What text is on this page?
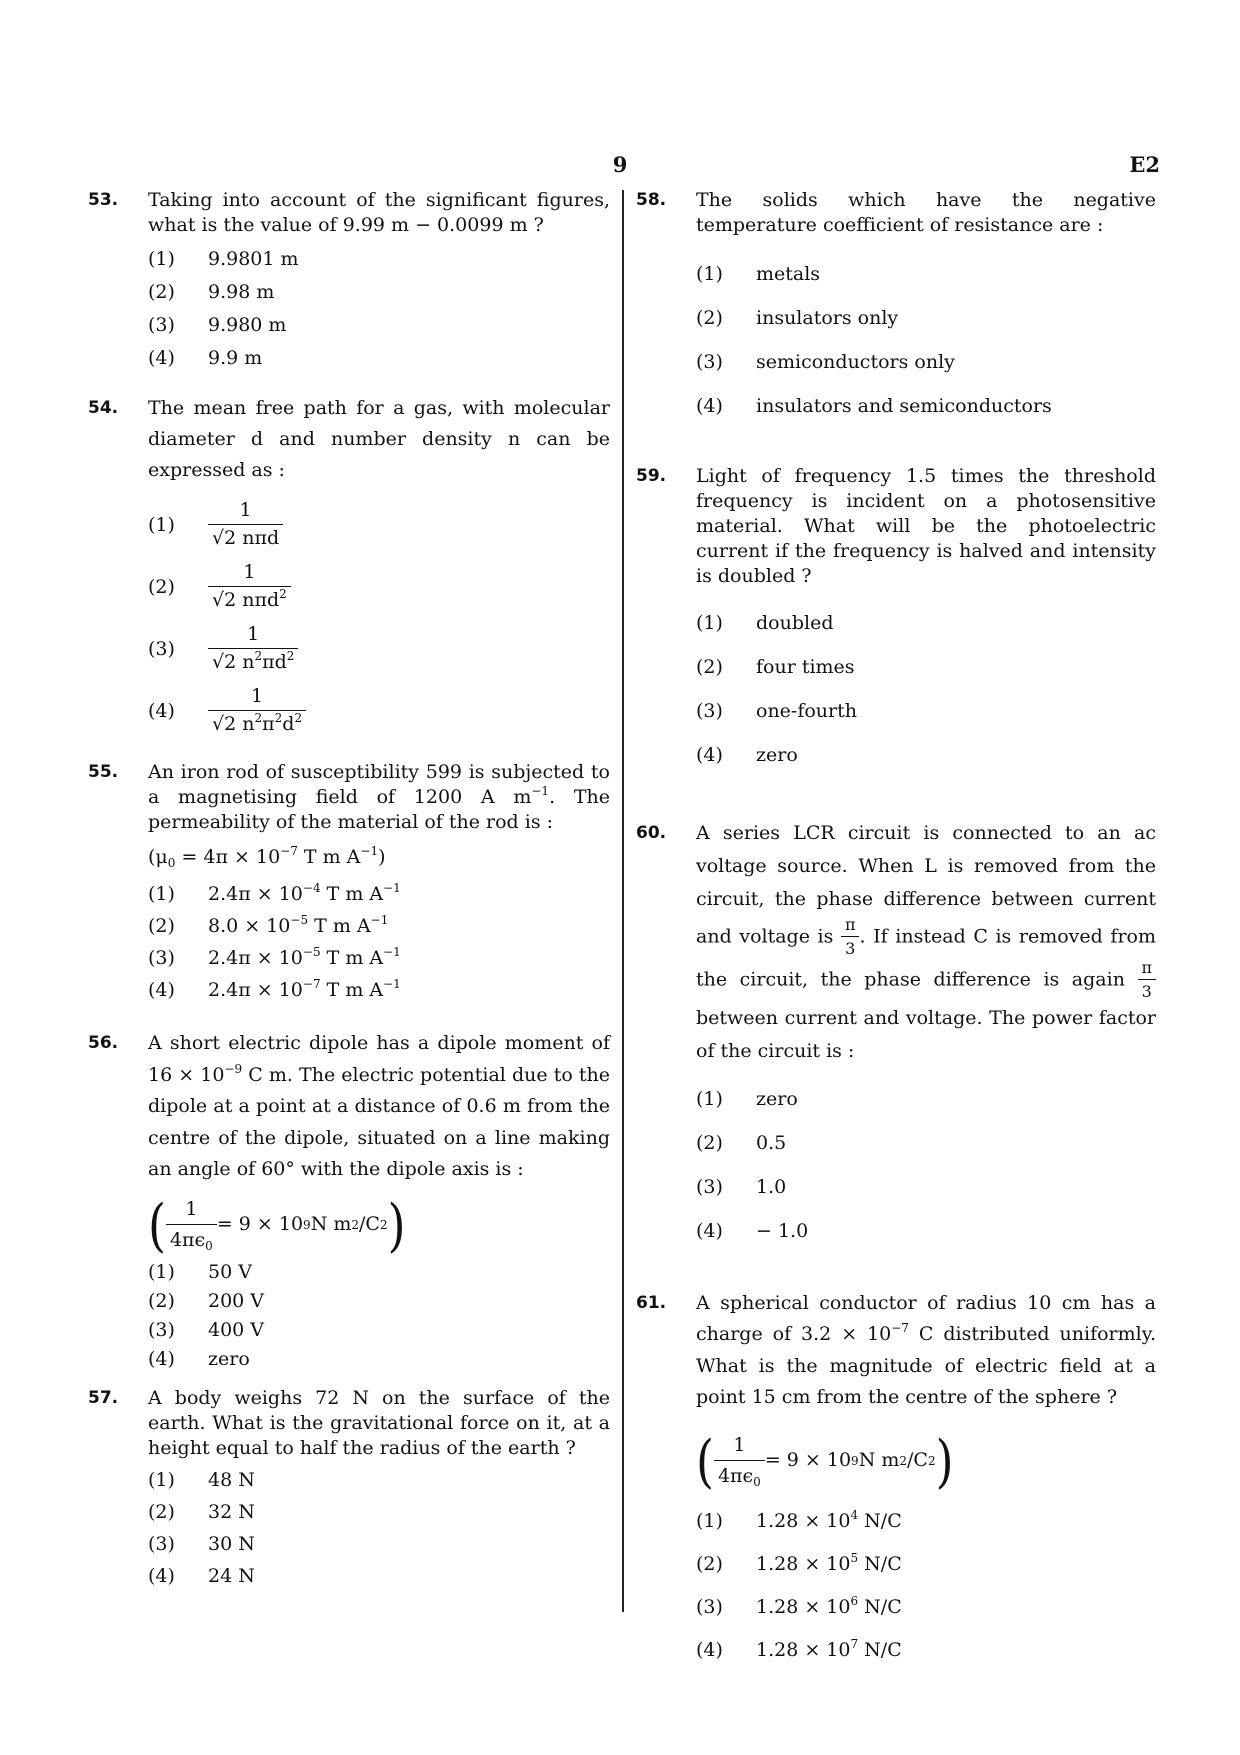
9	E2
53. Taking into account of the significant figures, what is the value of 9.99 m − 0.0099 m ?
(1)	9.9801 m
(2)	9.98 m
(3)	9.980 m
(4)	9.9 m
54. The mean free path for a gas, with molecular diameter d and number density n can be expressed as :
(1)	$\frac{1}{\text{√2 nπd}}$
(2)	$\frac{1}{√2 n\pi d^2}$
(3)	$\frac{1}{√2 n^2\pi d^2}$
(4)	$\frac{1}{√2 n^2\pi^2d^2}$
55. An iron rod of susceptibility 599 is subjected to a magnetising field of 1200 A $m^{-1}$. The permeability of the material of the rod is :
($\mu_0 = 4\pi \times 10^{-7}$ T m $A^{-1}$)
(1)	$2.4\pi \times 10^{-4}$ T m $A^{-1}$
(2)	$8.0 \times 10^{-5}$ T m $A^{-1}$
(3)	$2.4\pi \times 10^{-5}$ T m $A^{-1}$
(4)	$2.4\pi \times 10^{-7}$ T m $A^{-1}$
56. A short electric dipole has a dipole moment of $16 \times 10^{-9}$ C m. The electric potential due to the dipole at a point at a distance of 0.6 m from the centre of the dipole, situated on a line making an angle of 60° with the dipole axis is :
( $\frac{1}{4\pi\epsilon_0} = 9 \times 10$ 9 N m 2 /C 2 )
(1)	50 V
(2)	200 V
(3)	400 V
(4)	zero
57. A body weighs 72 N on the surface of the earth. What is the gravitational force on it, at a height equal to half the radius of the earth ?
(1)	48 N
(2)	32 N
(3)	30 N
(4)	24 N
58. The solids which have the negative temperature coefficient of resistance are :
(1)	metals
(2)	insulators only
(3)	semiconductors only
(4)	insulators and semiconductors
59. Light of frequency 1.5 times the threshold frequency is incident on a photosensitive material. What will be the photoelectric current if the frequency is halved and intensity is doubled ?
(1)	doubled
(2)	four times
(3)	one-fourth
(4)	zero
60. A series LCR circuit is connected to an ac voltage source. When L is removed from the circuit, the phase difference between current and voltage is $\frac{\pi}{3}$ . If instead C is removed from the circuit, the phase difference is again $\frac{\pi}{3}$
between current and voltage. The power factor of the circuit is :
(1)	zero
(2)	0.5
(3)	1.0
(4)	− 1.0
61. A spherical conductor of radius 10 cm has a charge of $3.2 \times 10^{-7}$ C distributed uniformly. What is the magnitude of electric field at a point 15 cm from the centre of the sphere ?
( $\frac{1}{4\pi\epsilon_0} = 9 \times 10$ 9 N m 2 /C 2 )
(1)	$1.28 \times 10^4$ N/C
(2)	$1.28 \times 10^5$ N/C
(3)	$1.28 \times 10^6$ N/C
(4)	$1.28 \times 10^7$ N/C
